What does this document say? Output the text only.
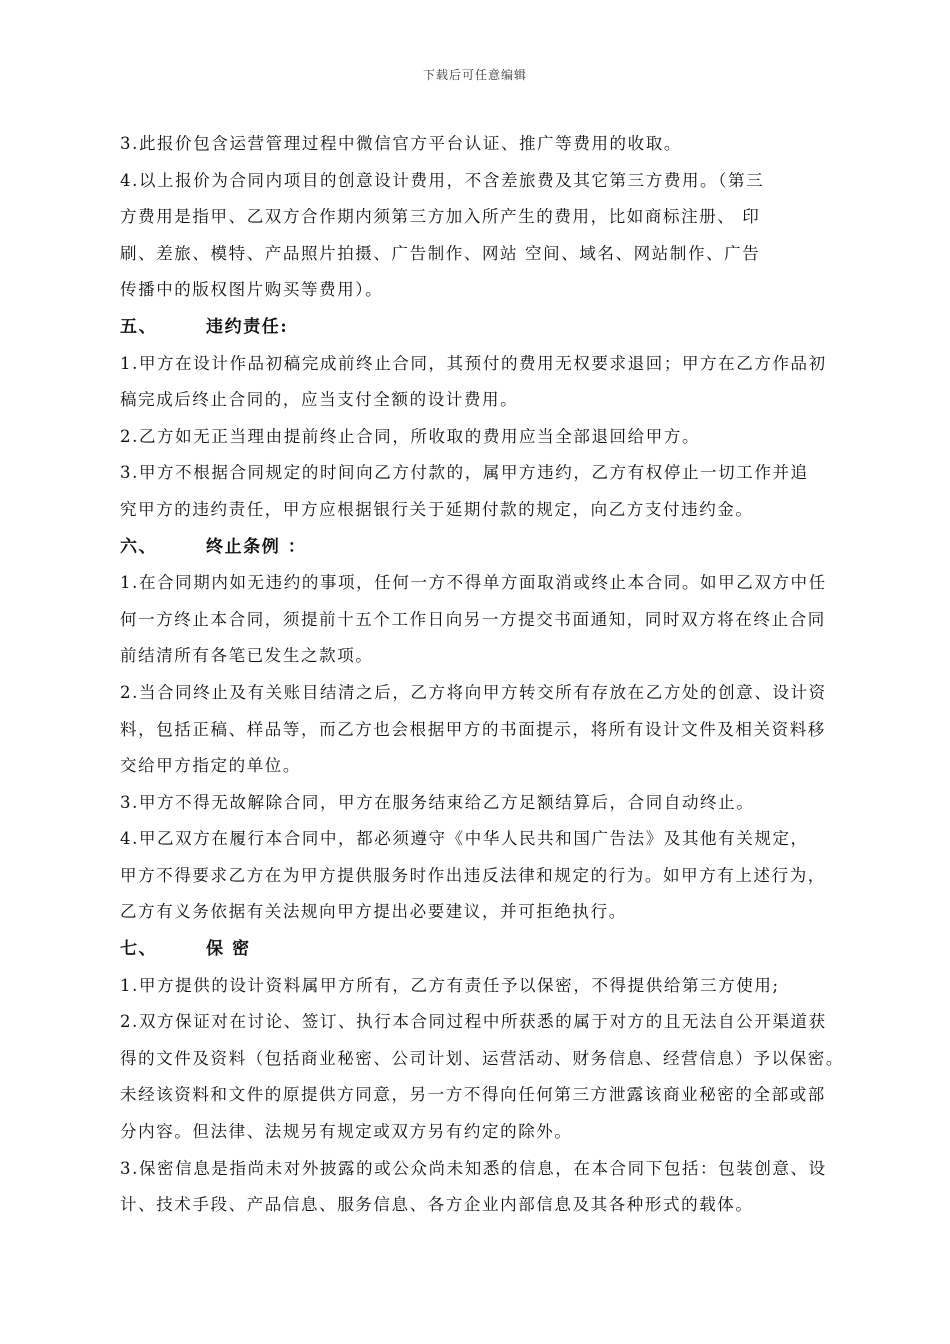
下载后可任意编辑
3.此报价包含运营管理过程中微信官方平台认证、推广等费用的收取。
4.以上报价为合同内项目的创意设计费用，不含差旅费及其它第三方费用。（第三
方费用是指甲、乙双方合作期内须第三方加入所产生的费用，比如商标注册、 印
刷、差旅、模特、产品照片拍摄、广告制作、网站 空间、域名、网站制作、广告
传播中的版权图片购买等费用）。
五、	违约责任:
1.甲方在设计作品初稿完成前终止合同，其预付的费用无权要求退回；甲方在乙方作品初
稿完成后终止合同的，应当支付全额的设计费用。
2.乙方如无正当理由提前终止合同，所收取的费用应当全部退回给甲方。
3.甲方不根据合同规定的时间向乙方付款的，属甲方违约，乙方有权停止一切工作并追
究甲方的违约责任，甲方应根据银行关于延期付款的规定，向乙方支付违约金。
六、	终止条例 ：
1.在合同期内如无违约的事项，任何一方不得单方面取消或终止本合同。如甲乙双方中任
何一方终止本合同，须提前十五个工作日向另一方提交书面通知，同时双方将在终止合同
前结清所有各笔已发生之款项。
2.当合同终止及有关账目结清之后，乙方将向甲方转交所有存放在乙方处的创意、设计资
料，包括正稿、样品等，而乙方也会根据甲方的书面提示，将所有设计文件及相关资料移
交给甲方指定的单位。
3.甲方不得无故解除合同，甲方在服务结束给乙方足额结算后，合同自动终止。
4.甲乙双方在履行本合同中，都必须遵守《中华人民共和国广告法》及其他有关规定，
甲方不得要求乙方在为甲方提供服务时作出违反法律和规定的行为。如甲方有上述行为，
乙方有义务依据有关法规向甲方提出必要建议，并可拒绝执行。
七、	保 密
1.甲方提供的设计资料属甲方所有，乙方有责任予以保密，不得提供给第三方使用;
2.双方保证对在讨论、签订、执行本合同过程中所获悉的属于对方的且无法自公开渠道获
得的文件及资料（包括商业秘密、公司计划、运营活动、财务信息、经营信息）予以保密。
未经该资料和文件的原提供方同意，另一方不得向任何第三方泄露该商业秘密的全部或部
分内容。但法律、法规另有规定或双方另有约定的除外。
3.保密信息是指尚未对外披露的或公众尚未知悉的信息，在本合同下包括：包装创意、设
计、技术手段、产品信息、服务信息、各方企业内部信息及其各种形式的载体。
